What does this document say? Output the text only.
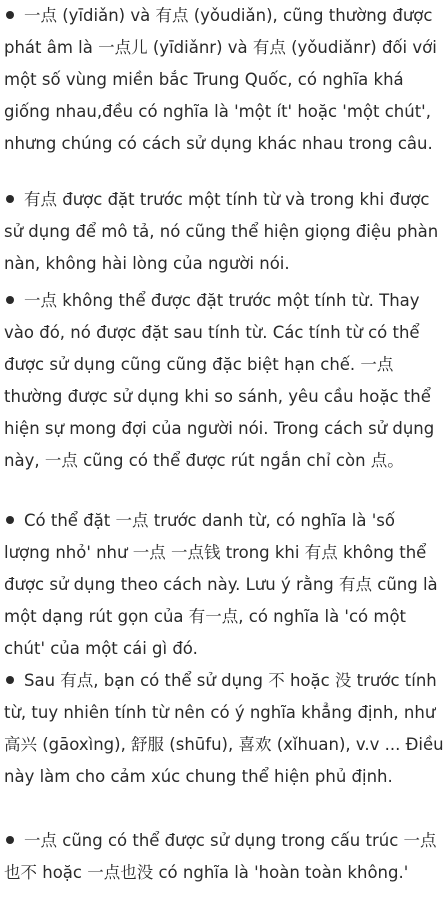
一点 (yīdiǎn) và 有点 (yǒudiǎn), cũng thường được phát âm là 一点儿 (yīdiǎnr) và 有点 (yǒudiǎnr) đối với một số vùng miền bắc Trung Quốc, có nghĩa khá giống nhau,đều có nghĩa là 'một ít' hoặc 'một chút', nhưng chúng có cách sử dụng khác nhau trong câu.
有点 được đặt trước một tính từ và trong khi được sử dụng để mô tả, nó cũng thể hiện giọng điệu phàn nàn, không hài lòng của người nói.
一点 không thể được đặt trước một tính từ. Thay vào đó, nó được đặt sau tính từ. Các tính từ có thể được sử dụng cũng cũng đặc biệt hạn chế. 一点 thường được sử dụng khi so sánh, yêu cầu hoặc thể hiện sự mong đợi của người nói. Trong cách sử dụng này, 一点 cũng có thể được rút ngắn chỉ còn 点。
Có thể đặt 一点 trước danh từ, có nghĩa là 'số lượng nhỏ' như 一点 一点钱 trong khi 有点 không thể được sử dụng theo cách này. Lưu ý rằng 有点 cũng là một dạng rút gọn của 有一点, có nghĩa là 'có một chút' của một cái gì đó.
Sau 有点, bạn có thể sử dụng 不 hoặc 没 trước tính từ, tuy nhiên tính từ nên có ý nghĩa khẳng định, như 高兴 (gāoxìng), 舒服 (shūfu), 喜欢 (xǐhuan), v.v ... Điều này làm cho cảm xúc chung thể hiện phủ định.
一点 cũng có thể được sử dụng trong cấu trúc 一点也不 hoặc 一点也没 có nghĩa là 'hoàn toàn không.'
